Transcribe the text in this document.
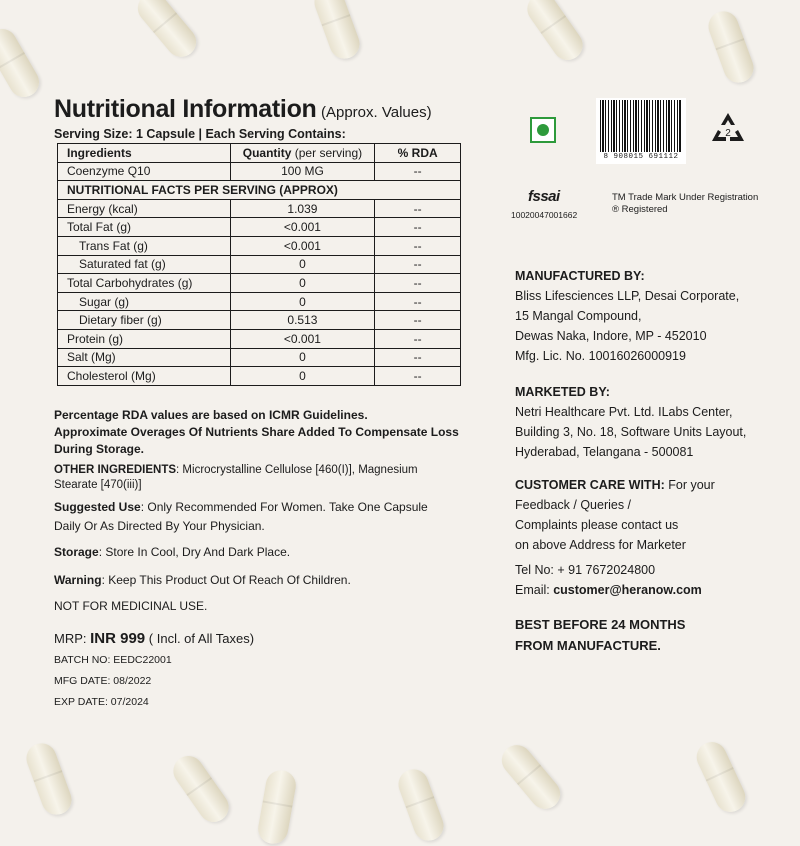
Nutritional Information (Approx. Values)
Serving Size: 1 Capsule | Each Serving Contains:
Ingredients	Quantity (per serving)	% RDA
Coenzyme Q10	100 MG	--
NUTRITIONAL FACTS PER SERVING (APPROX)		
Energy (kcal)	1.039	--
Total Fat (g)	<0.001	--
Trans Fat (g)	<0.001	--
Saturated fat (g)	0	--
Total Carbohydrates (g)	0	--
Sugar (g)	0	--
Dietary fiber (g)	0.513	--
Protein (g)	<0.001	--
Salt (Mg)	0	--
Cholesterol (Mg)	0	--
Percentage RDA values are based on ICMR Guidelines.
Approximate Overages Of Nutrients Share Added To Compensate Loss During Storage.
OTHER INGREDIENTS: Microcrystalline Cellulose [460(I)], Magnesium Stearate [470(iii)]
Suggested Use: Only Recommended For Women. Take One Capsule Daily Or As Directed By Your Physician.
Storage: Store In Cool, Dry And Dark Place.
Warning: Keep This Product Out Of Reach Of Children.
NOT FOR MEDICINAL USE.
MRP: INR 999 ( Incl. of All Taxes)
BATCH NO: EEDC22001
MFG DATE: 08/2022
EXP DATE: 07/2024
8 908015 691112
2
fssai
10020047001662
TM Trade Mark Under Registration
® Registered
MANUFACTURED BY:
Bliss Lifesciences LLP, Desai Corporate,
15 Mangal Compound,
Dewas Naka, Indore, MP - 452010
Mfg. Lic. No. 10016026000919
MARKETED BY:
Netri Healthcare Pvt. Ltd. ILabs Center,
Building 3, No. 18, Software Units Layout,
Hyderabad, Telangana - 500081
CUSTOMER CARE WITH: For your
Feedback / Queries /
Complaints please contact us
on above Address for Marketer
Tel No: + 91 7672024800
Email: customer@heranow.com
BEST BEFORE 24 MONTHS
FROM MANUFACTURE.
